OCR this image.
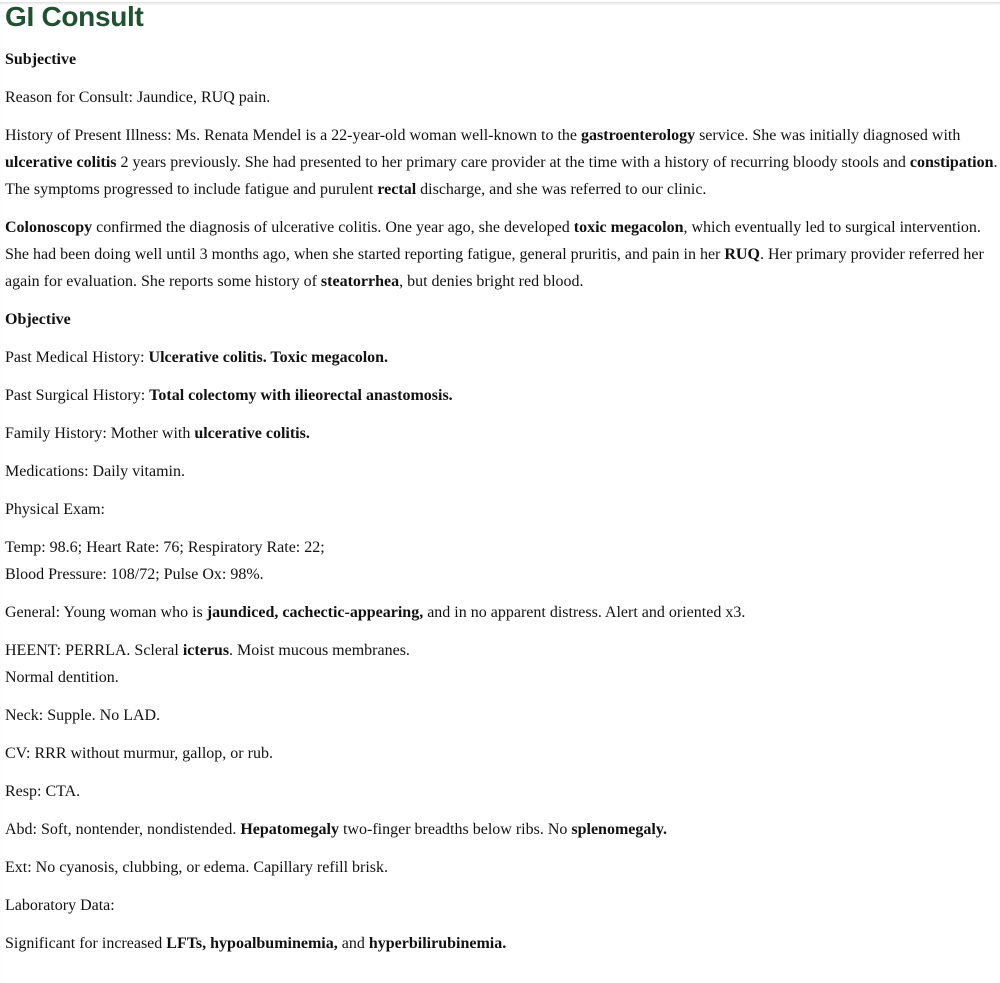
GI Consult
Subjective

Reason for Consult: Jaundice, RUQ pain.

History of Present Illness: Ms. Renata Mendel is a 22-year-old woman well-known to the gastroenterology service. She was initially diagnosed with ulcerative colitis 2 years previously. She had presented to her primary care provider at the time with a history of recurring bloody stools and constipation. The symptoms progressed to include fatigue and purulent rectal discharge, and she was referred to our clinic.

Colonoscopy confirmed the diagnosis of ulcerative colitis. One year ago, she developed toxic megacolon, which eventually led to surgical intervention. She had been doing well until 3 months ago, when she started reporting fatigue, general pruritis, and pain in her RUQ. Her primary provider referred her again for evaluation. She reports some history of steatorrhea, but denies bright red blood.

Objective

Past Medical History: Ulcerative colitis. Toxic megacolon.

Past Surgical History: Total colectomy with ilieorectal anastomosis.

Family History: Mother with ulcerative colitis.

Medications: Daily vitamin.

Physical Exam:

Temp: 98.6; Heart Rate: 76; Respiratory Rate: 22;
Blood Pressure: 108/72; Pulse Ox: 98%.

General: Young woman who is jaundiced, cachectic-appearing, and in no apparent distress. Alert and oriented x3.

HEENT: PERRLA. Scleral icterus. Moist mucous membranes.
Normal dentition.

Neck: Supple. No LAD.

CV: RRR without murmur, gallop, or rub.

Resp: CTA.

Abd: Soft, nontender, nondistended. Hepatomegaly two-finger breadths below ribs. No splenomegaly.

Ext: No cyanosis, clubbing, or edema. Capillary refill brisk.

Laboratory Data:

Significant for increased LFTs, hypoalbuminemia, and hyperbilirubinemia.
